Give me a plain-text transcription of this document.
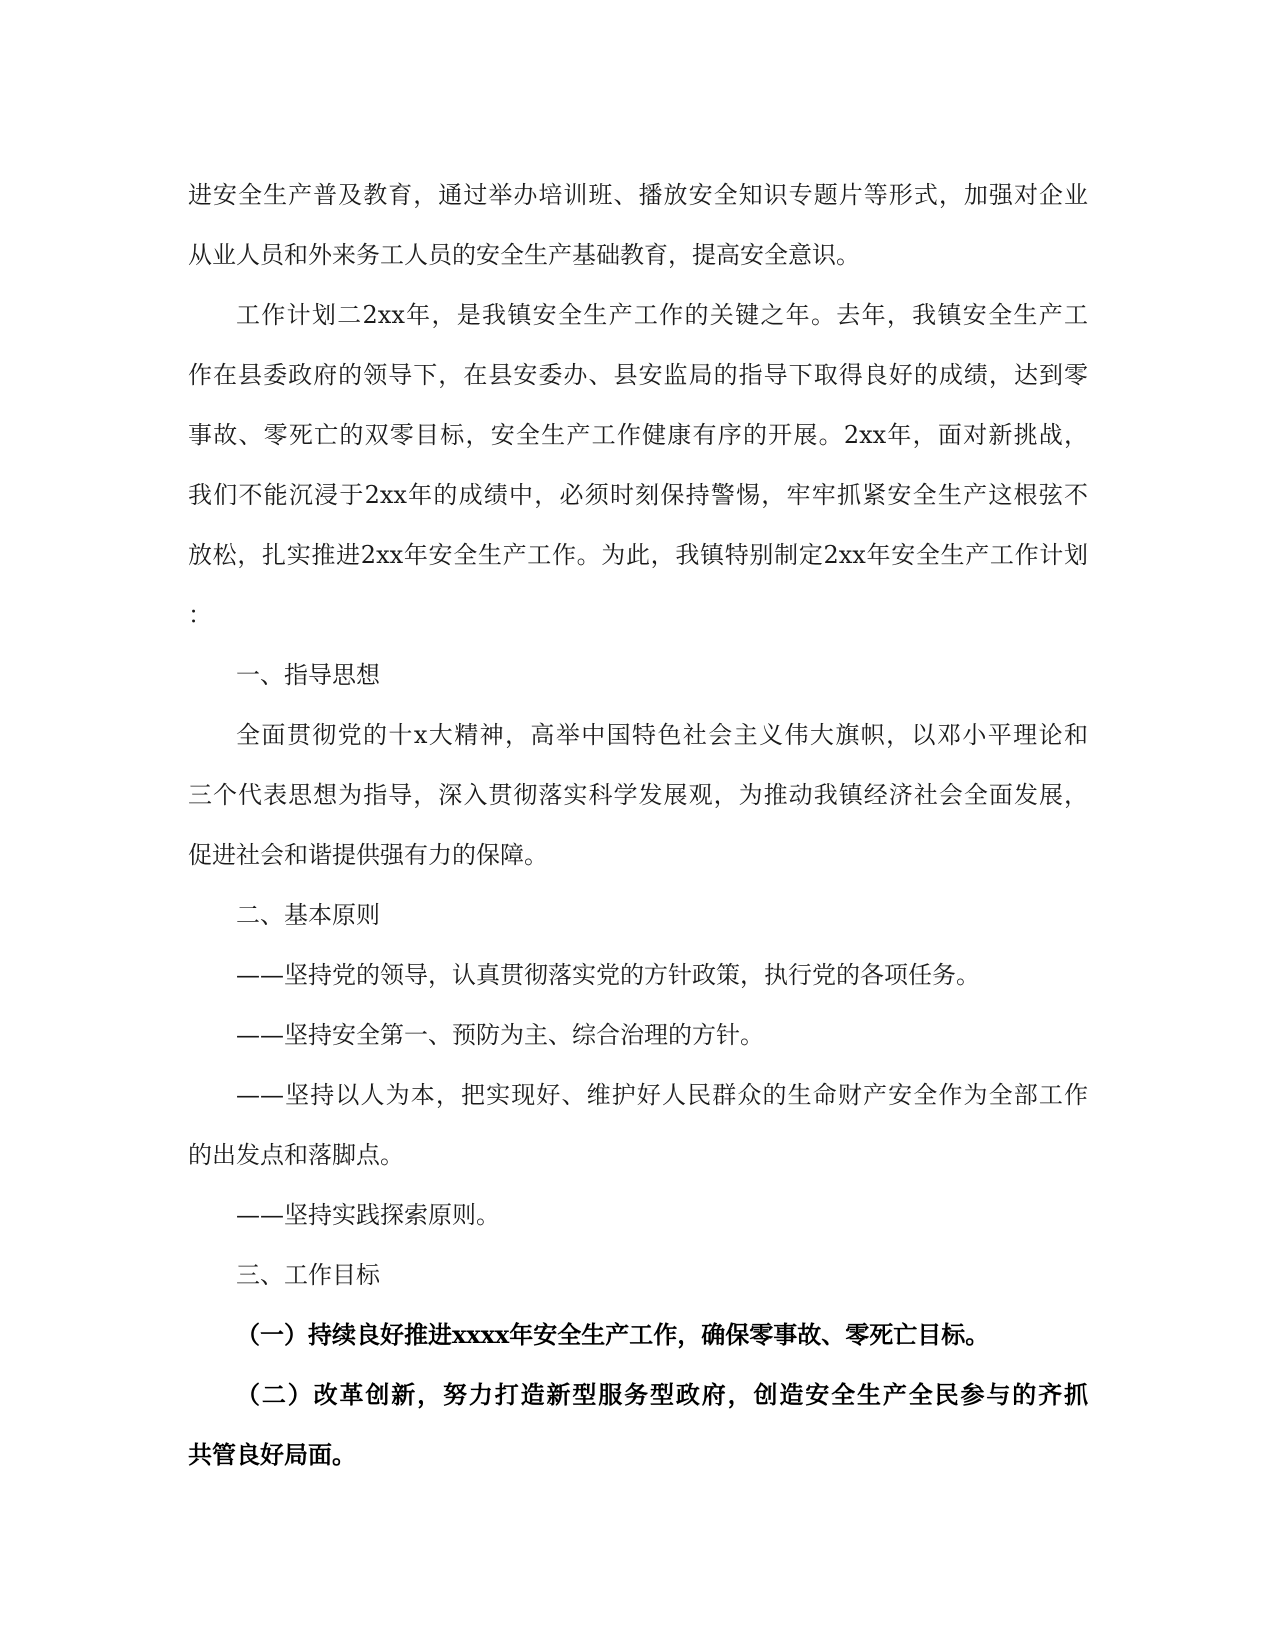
进安全生产普及教育，通过举办培训班、播放安全知识专题片等形式，加强对企业
从业人员和外来务工人员的安全生产基础教育，提高安全意识。
工作计划二2xx年，是我镇安全生产工作的关键之年。去年，我镇安全生产工
作在县委政府的领导下，在县安委办、县安监局的指导下取得良好的成绩，达到零
事故、零死亡的双零目标，安全生产工作健康有序的开展。2xx年，面对新挑战，
我们不能沉浸于2xx年的成绩中，必须时刻保持警惕，牢牢抓紧安全生产这根弦不
放松，扎实推进2xx年安全生产工作。为此，我镇特别制定2xx年安全生产工作计划
：
一、指导思想
全面贯彻党的十x大精神，高举中国特色社会主义伟大旗帜，以邓小平理论和
三个代表思想为指导，深入贯彻落实科学发展观，为推动我镇经济社会全面发展，
促进社会和谐提供强有力的保障。
二、基本原则
——坚持党的领导，认真贯彻落实党的方针政策，执行党的各项任务。
——坚持安全第一、预防为主、综合治理的方针。
——坚持以人为本，把实现好、维护好人民群众的生命财产安全作为全部工作
的出发点和落脚点。
——坚持实践探索原则。
三、工作目标
（一）持续良好推进xxxx年安全生产工作，确保零事故、零死亡目标。
（二）改革创新，努力打造新型服务型政府，创造安全生产全民参与的齐抓
共管良好局面。
